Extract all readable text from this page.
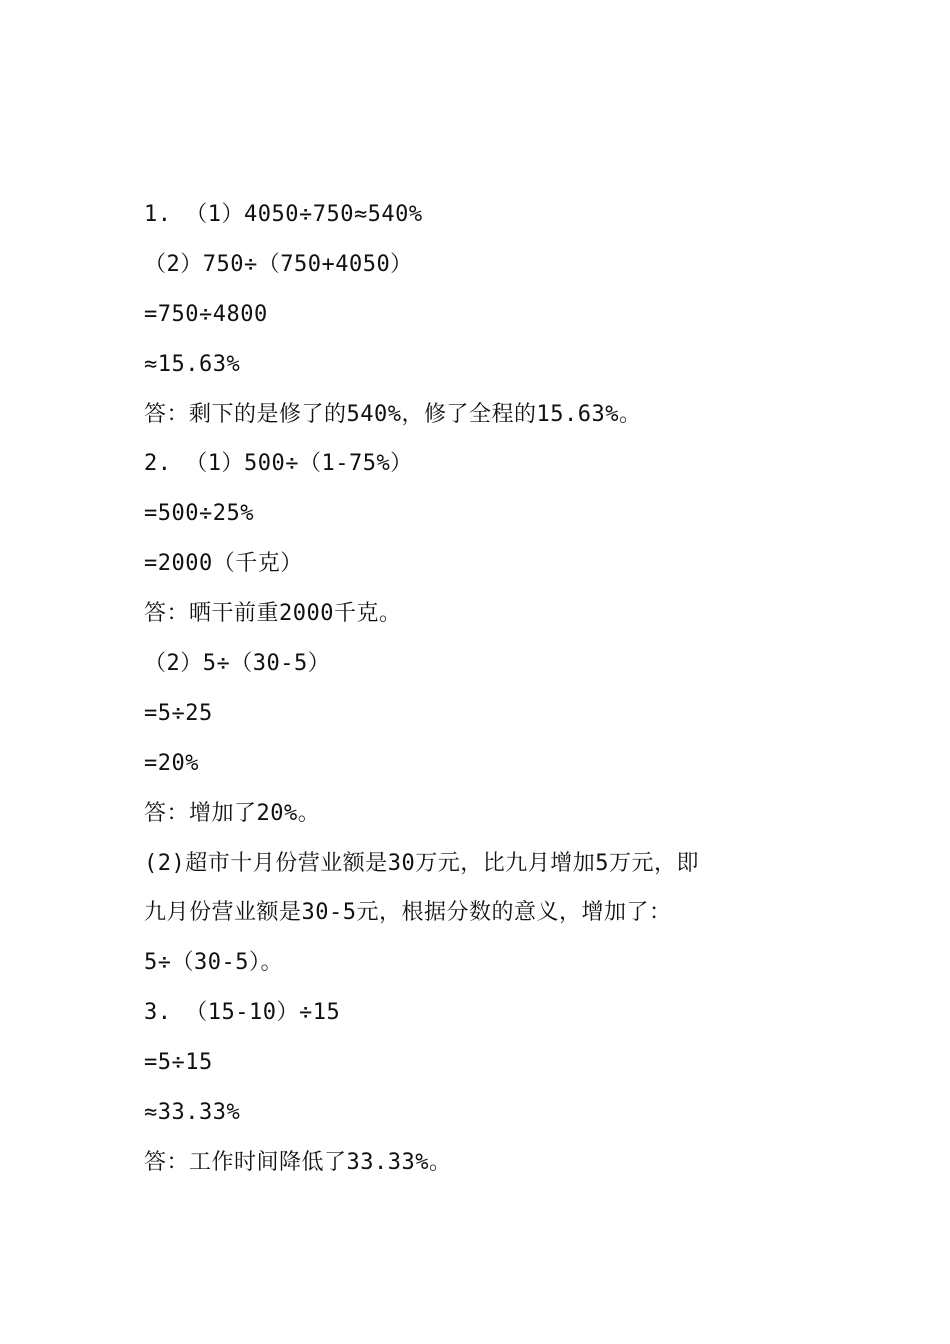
1. （1）4050÷750≈540%
（2）750÷（750+4050）
=750÷4800
≈15.63%
答：剩下的是修了的540%，修了全程的15.63%。
2. （1）500÷（1-75%）
=500÷25%
=2000（千克）
答：晒干前重2000千克。
（2）5÷（30-5）
=5÷25
=20%
答：增加了20%。
(2)超市十月份营业额是30万元，比九月增加5万元，即
九月份营业额是30-5元，根据分数的意义，增加了：
5÷（30-5）。
3. （15-10）÷15
=5÷15
≈33.33%
答：工作时间降低了33.33%。
